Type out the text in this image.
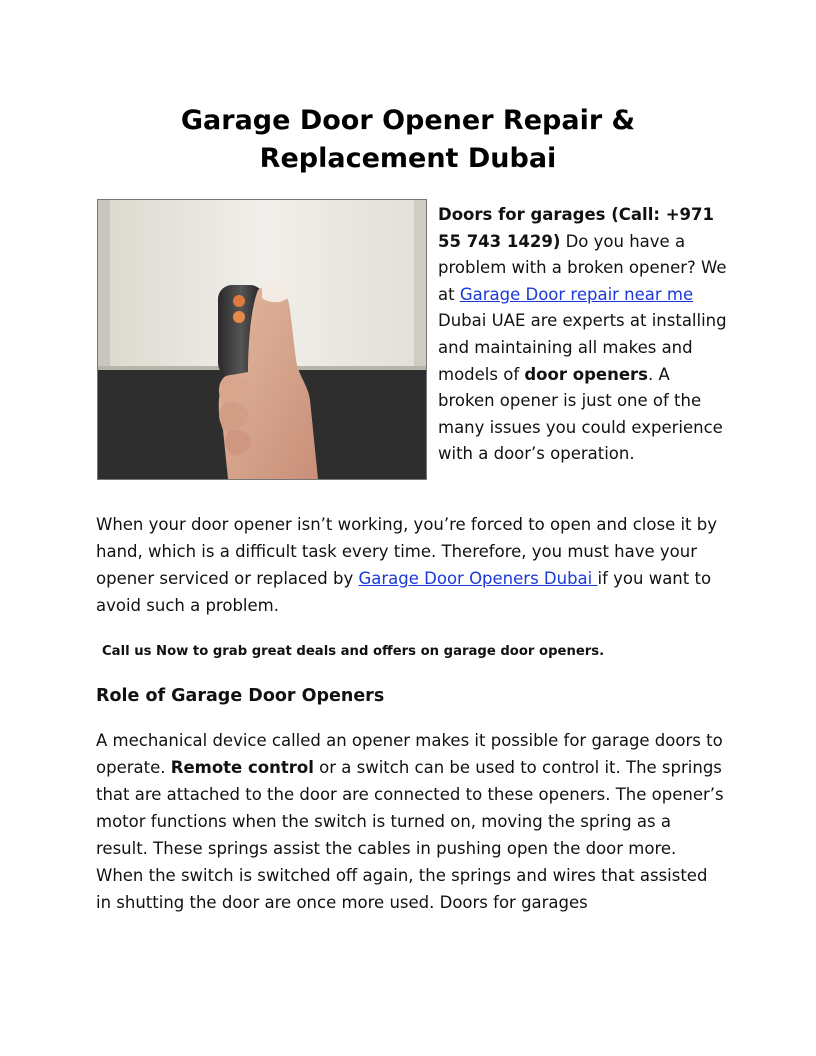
Garage Door Opener Repair &
Replacement Dubai

Doors for garages (Call: +971 55 743 1429) Do you have a problem with a broken opener? We at Garage Door repair near me Dubai UAE are experts at installing and maintaining all makes and models of door openers. A broken opener is just one of the many issues you could experience with a door’s operation.

When your door opener isn’t working, you’re forced to open and close it by hand, which is a difficult task every time. Therefore, you must have your opener serviced or replaced by Garage Door Openers Dubai if you want to avoid such a problem.

Call us Now to grab great deals and offers on garage door openers.

Role of Garage Door Openers

A mechanical device called an opener makes it possible for garage doors to operate. Remote control or a switch can be used to control it. The springs that are attached to the door are connected to these openers. The opener’s motor functions when the switch is turned on, moving the spring as a result. These springs assist the cables in pushing open the door more. When the switch is switched off again, the springs and wires that assisted in shutting the door are once more used. Doors for garages
